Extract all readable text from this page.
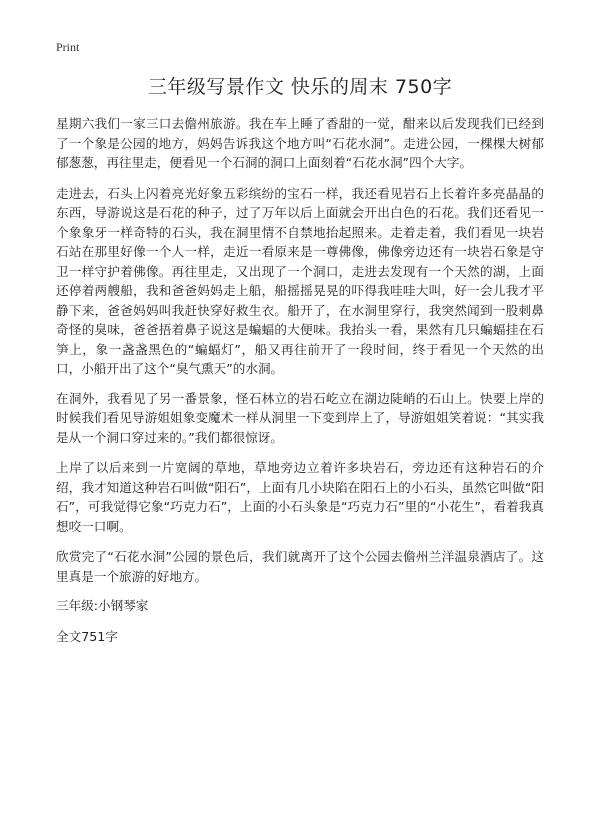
Print
三年级写景作文 快乐的周末 750字

星期六我们一家三口去儋州旅游。我在车上睡了香甜的一觉，酣来以后发现我们已经到了一个象是公园的地方，妈妈告诉我这个地方叫“石花水洞”。走进公园，一棵棵大树郁郁葱葱，再往里走，便看见一个石洞的洞口上面刻着“石花水洞”四个大字。

走进去，石头上闪着亮光好象五彩缤纷的宝石一样，我还看见岩石上长着许多亮晶晶的东西，导游说这是石花的种子，过了万年以后上面就会开出白色的石花。我们还看见一个象象牙一样奇特的石头，我在洞里情不自禁地抬起照来。走着走着，我们看见一块岩石站在那里好像一个人一样，走近一看原来是一尊佛像，佛像旁边还有一块岩石象是守卫一样守护着佛像。再往里走，又出现了一个洞口，走进去发现有一个天然的湖，上面还停着两艘船，我和爸爸妈妈走上船，船摇摇晃晃的吓得我哇哇大叫，好一会儿我才平静下来，爸爸妈妈叫我赶快穿好救生衣。船开了，在水洞里穿行，我突然闻到一股刺鼻奇怪的臭味，爸爸捂着鼻子说这是蝙蝠的大便味。我抬头一看，果然有几只蝙蝠挂在石笋上，象一盏盏黑色的“蝙蝠灯”，船又再往前开了一段时间，终于看见一个天然的出口，小船开出了这个“臭气熏天”的水洞。

在洞外，我看见了另一番景象，怪石林立的岩石屹立在湖边陡峭的石山上。快要上岸的时候我们看见导游姐姐象变魔术一样从洞里一下变到岸上了，导游姐姐笑着说：“其实我是从一个洞口穿过来的。”我们都很惊讶。

上岸了以后来到一片宽阔的草地，草地旁边立着许多块岩石，旁边还有这种岩石的介绍，我才知道这种岩石叫做“阳石”，上面有几小块陷在阳石上的小石头，虽然它叫做“阳石”，可我觉得它象“巧克力石”，上面的小石头象是“巧克力石”里的“小花生”，看着我真想咬一口啊。

欣赏完了“石花水洞”公园的景色后，我们就离开了这个公园去儋州兰洋温泉酒店了。这里真是一个旅游的好地方。

三年级:小钢琴家
全文751字
